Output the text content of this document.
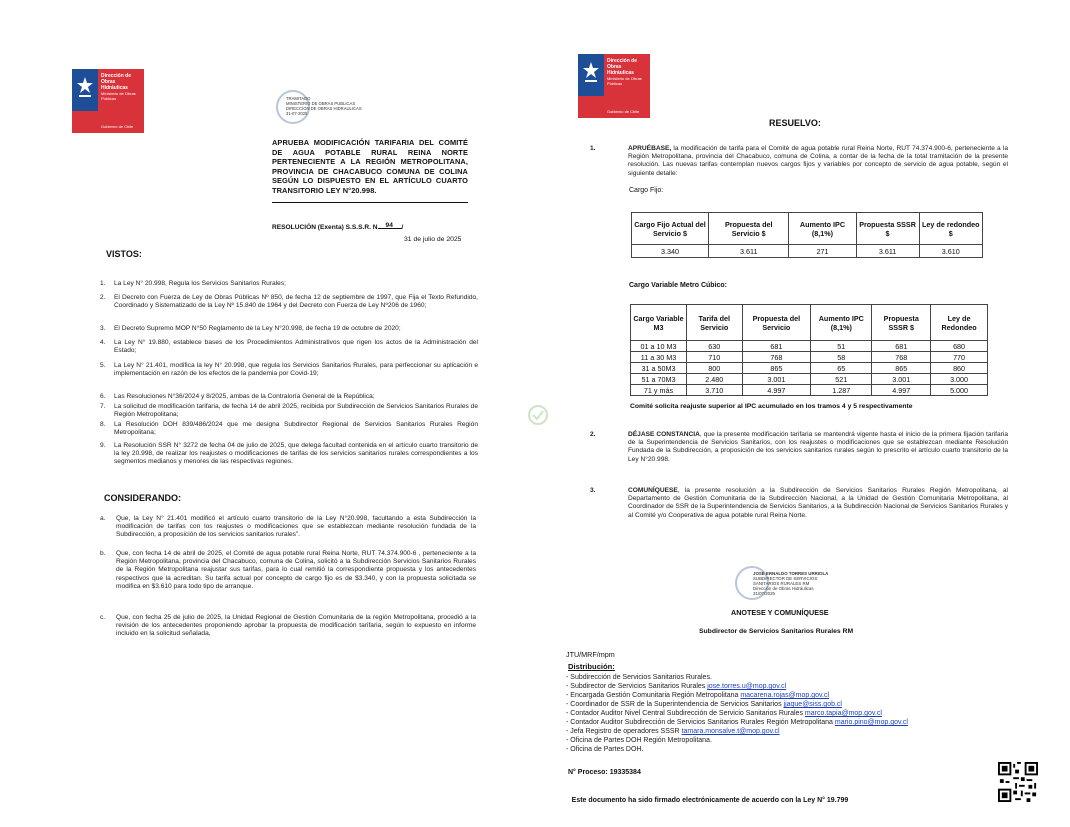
Dirección de Obras Hidráulicas
Ministerio de Obras Públicas
Gobierno de Chile
TRAMITADO
MINISTERIO DE OBRAS PUBLICAS
DIRECCION DE OBRAS HIDRAULICAS
31-07-2025
APRUEBA MODIFICACIÓN TARIFARIA DEL COMITÉ DE AGUA POTABLE RURAL REINA NORTE PERTENECIENTE A LA REGIÓN METROPOLITANA, PROVINCIA DE CHACABUCO COMUNA DE COLINA SEGÚN LO DISPUESTO EN EL ARTÍCULO CUARTO TRANSITORIO LEY N°20.998.
RESOLUCIÓN (Exenta) S.S.S.R. N 94 /
31 de julio de 2025
VISTOS:
1. La Ley N° 20.998, Regula los Servicios Sanitarios Rurales;
2. El Decreto con Fuerza de Ley de Obras Públicas Nº 850, de fecha 12 de septiembre de 1997, que Fija el Texto Refundido, Coordinado y Sistematizado de la Ley Nº 15.840 de 1964 y del Decreto con Fuerza de Ley Nº206 de 1960;
3. El Decreto Supremo MOP N°50 Reglamento de la Ley N°20.998, de fecha 19 de octubre de 2020;
4. La Ley N° 19.880, establece bases de los Procedimientos Administrativos que rigen los actos de la Administración del Estado;
5. La Ley N° 21.401, modifica la ley N° 20.998, que regula los Servicios Sanitarios Rurales, para perfeccionar su aplicación e implementación en razón de los efectos de la pandemia por Covid-19;
6. Las Resoluciones N°36/2024 y 8/2025, ambas de la Contraloría General de la República;
7. La solicitud de modificación tarifaria, de fecha 14 de abril 2025, recibida por Subdirección de Servicios Sanitarios Rurales de Región Metropolitana;
8. La Resolución DOH 839/486/2024 que me designa Subdirector Regional de Servicios Sanitarios Rurales Región Metropolitana;
9. La Resolución SSR N° 3272 de fecha 04 de julio de 2025, que delega facultad contenida en el artículo cuarto transitorio de la ley 20.998, de realizar los reajustes o modificaciones de tarifas de los servicios sanitarios rurales correspondientes a los segmentos medianos y menores de las respectivas regiones.
CONSIDERANDO:
a. Que, la Ley N° 21.401 modificó el artículo cuarto transitorio de la Ley N°20.998, facultando a esta Subdirección la modificación de tarifas con los reajustes o modificaciones que se establezcan mediante resolución fundada de la Subdirección, a proposición de los servicios sanitarios rurales”.
b. Que, con fecha 14 de abril de 2025, el Comité de agua potable rural Reina Norte, RUT 74.374.900-6 , perteneciente a la Región Metropolitana, provincia del Chacabuco, comuna de Colina, solicitó a la Subdirección Servicios Sanitarios Rurales de la Región Metropolitana reajustar sus tarifas, para lo cual remitió la correspondiente propuesta y los antecedentes respectivos que la acreditan. Su tarifa actual por concepto de cargo fijo es de $3.340, y con la propuesta solicitada se modifica en $3.610 para todo tipo de arranque.
c. Que, con fecha 25 de julio de 2025, la Unidad Regional de Gestión Comunitaria de la región Metropolitana, procedió a la revisión de los antecedentes proponiendo aprobar la propuesta de modificación tarifaria, según lo expuesto en informe incluido en la solicitud señalada,
Dirección de Obras Hidráulicas
Ministerio de Obras Públicas
Gobierno de Chile
RESUELVO:
1.	APRUÉBASE, la modificación de tarifa para el Comité de agua potable rural Reina Norte, RUT 74.374.900-6, perteneciente a la Región Metropolitana, provincia del Chacabuco, comuna de Colina, a contar de la fecha de la total tramitación de la presente resolución. Las nuevas tarifas contemplan nuevos cargos fijos y variables por concepto de servicio de agua potable, según el siguiente detalle:
Cargo Fijo:
Cargo Fijo Actual del Servicio $	Propuesta del Servicio $	Aumento IPC (8,1%)	Propuesta SSSR $	Ley de redondeo $
3.340	3.611	271	3.611	3.610
Cargo Variable Metro Cúbico:
Cargo Variable M3	Tarifa del Servicio	Propuesta del Servicio	Aumento IPC (8,1%)	Propuesta SSSR $	Ley de Redondeo
01 a 10 M3	630	681	51	681	680
11 a 30 M3	710	768	58	768	770
31 a 50M3	800	865	65	865	860
51 a 70M3	2.480	3.001	521	3.001	3.000
71 y más	3.710	4.997	1.287	4.997	5.000
Comité solicita reajuste superior al IPC acumulado en los tramos 4 y 5 respectivamente
2.	DÉJASE CONSTANCIA, que la presente modificación tarifaria se mantendrá vigente hasta el inicio de la primera fijación tarifaria de la Superintendencia de Servicios Sanitarios, con los reajustes o modificaciones que se establezcan mediante Resolución Fundada de la Subdirección, a proposición de los servicios sanitarios rurales según lo prescrito el artículo cuarto transitorio de la Ley N°20.998.
3.	COMUNÍQUESE, la presente resolución a la Subdirección de Servicios Sanitarios Rurales Región Metropolitana, al Departamento de Gestión Comunitaria de la Subdirección Nacional, a la Unidad de Gestión Comunitaria Metropolitana, al Coordinador de SSR de la Superintendencia de Servicios Sanitarios, a la Subdirección Nacional de Servicios Sanitarios Rurales y al Comité y/o Cooperativa de agua potable rural Reina Norte.
JOSE ERNALDO TORRES URRIOLA
SUBDIRECTOR DE SERVICIOS
SANITARIOS RURALES RM
Dirección de Obras Hidráulicas
31/07/2025
ANOTESE Y COMUNÍQUESE
Subdirector de Servicios Sanitarios Rurales RM
JTU/MRF/mpm
Distribución:
- Subdirección de Servicios Sanitarios Rurales.
- Subdirector de Servicios Sanitarios Rurales jose.torres.u@mop.gov.cl
- Encargada Gestión Comunitaria Región Metropolitana macarena.rojas@mop.gov.cl
- Coordinador de SSR de la Superintendencia de Servicios Sanitarios jjaque@siss.gob.cl
- Contador Auditor Nivel Central Subdirección de Servicio Sanitarios Rurales marco.tapia@mop.gov.cl
- Contador Auditor Subdirección de Servicios Sanitarios Rurales Región Metropolitana mario.pino@mop.gov.cl
- Jefa Registro de operadores SSSR tamara.monsalve.t@mop.gov.cl
- Oficina de Partes DOH Región Metropolitana.
- Oficina de Partes DOH.
N° Proceso: 19335384
Este documento ha sido firmado electrónicamente de acuerdo con la Ley N° 19.799
